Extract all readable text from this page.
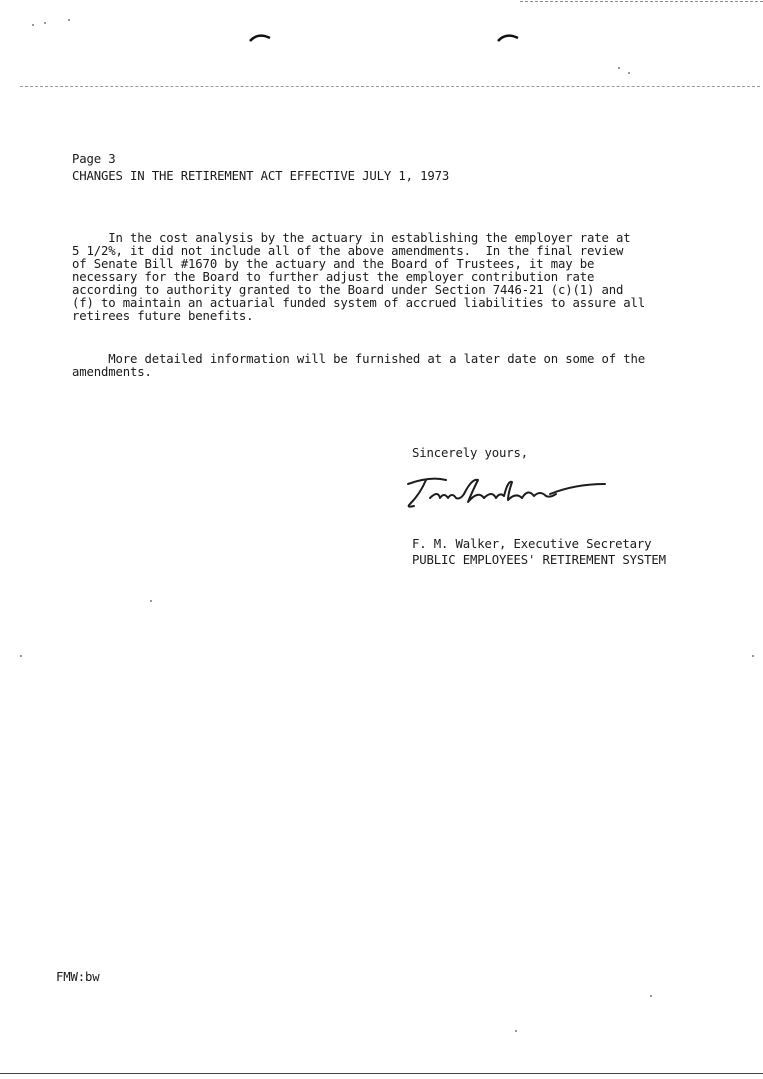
Page 3
CHANGES IN THE RETIREMENT ACT EFFECTIVE JULY 1, 1973
In the cost analysis by the actuary in establishing the employer rate at
5 1/2%, it did not include all of the above amendments.  In the final review
of Senate Bill #1670 by the actuary and the Board of Trustees, it may be
necessary for the Board to further adjust the employer contribution rate
according to authority granted to the Board under Section 7446-21 (c)(1) and
(f) to maintain an actuarial funded system of accrued liabilities to assure all
retirees future benefits.
More detailed information will be furnished at a later date on some of the
amendments.
Sincerely yours,
F. M. Walker, Executive Secretary
PUBLIC EMPLOYEES' RETIREMENT SYSTEM
FMW:bw
